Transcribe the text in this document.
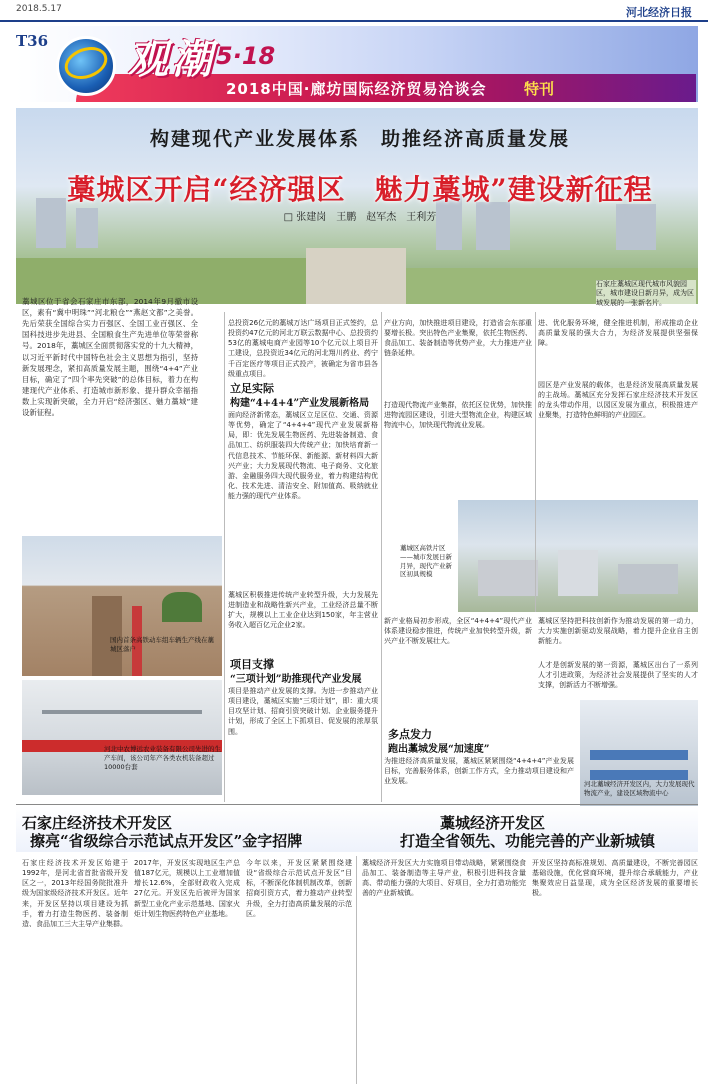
2018.5.17	河北经济日报
观潮 5·18
2018中国·廊坊国际经济贸易洽谈会	特刊
T36
构建现代产业发展体系　助推经济高质量发展
藁城区开启“经济强区　魅力藁城”建设新征程
□ 张建岗　王鹏　赵军杰　王利芳
石家庄藁城区现代城市风貌园区，城市建设日新月异，成为区域发展的一张新名片。
藁城区位于省会石家庄市东部，2014年9月撤市设区，素有“冀中明珠”“河北粮仓”“燕赵文都”之美誉。先后荣获全国综合实力百强区、全国工业百强区、全国科技进步先进县、全国粮食生产先进单位等荣誉称号。2018年，藁城区全面贯彻落实党的十九大精神，以习近平新时代中国特色社会主义思想为指引，坚持新发展理念，紧扣高质量发展主题，围绕“4+4”产业目标，确定了“四个率先突破”的总体目标，着力在构建现代产业体系、打造城市新形象、提升群众幸福指数上实现新突破，全力开启“经济强区、魅力藁城”建设新征程。
国内首条高铁动车组车辆生产线在藁城区落户
河北中农博远农业装备有限公司先进的生产车间，该公司年产各类农机装备超过10000台套
总投资26亿元的藁城万达广场项目正式签约，总投资约47亿元的河北万联云数据中心、总投资约53亿的藁城电商产业园等10个亿元以上项目开工建设，总投资近34亿元的河北翔川药业、药宁千百定医疗等项目正式投产，被确定为省市县各级重点项目。
立足实际
构建“4+4+4”产业发展新格局
面向经济新常态，藁城区立足区位、交通、资源等优势，确定了“4+4+4”现代产业发展新格局，即：优先发展生物医药、先进装备制造、食品加工、纺织服装四大传统产业；加快培育新一代信息技术、节能环保、新能源、新材料四大新兴产业；大力发展现代物流、电子商务、文化旅游、金融服务四大现代服务业，着力构建结构优化、技术先进、清洁安全、附加值高、吸纳就业能力强的现代产业体系。
藁城区积极推进传统产业转型升级，大力发展先进制造业和战略性新兴产业，工业经济总量不断扩大，规模以上工业企业达到150家，年主营业务收入超百亿元企业2家。
项目支撑
“三项计划”助推现代产业发展
项目是推动产业发展的支撑。为进一步推动产业项目建设，藁城区实施“三项计划”，即：重大项目攻坚计划、招商引资突破计划、企业服务提升计划，形成了全区上下抓项目、促发展的浓厚氛围。
产业方向，加快推进项目建设，打造省会东部重要增长极。突出特色产业集聚，依托生物医药、食品加工、装备制造等优势产业，大力推进产业链条延伸。
打造现代物流产业集群，依托区位优势，加快推进物流园区建设，引进大型物流企业，构建区域物流中心，加快现代物流业发展。
藁城区高铁片区——城市发展日新月异，现代产业新区初具规模
新产业格局初步形成，全区“4+4+4”现代产业体系建设稳步推进，传统产业加快转型升级，新兴产业不断发展壮大。
多点发力
跑出藁城发展“加速度”
为推进经济高质量发展，藁城区紧紧围绕“4+4+4”产业发展目标，完善服务体系，创新工作方式，全力推动项目建设和产业发展。
进、优化服务环境，健全推进机制，形成推动企业高质量发展的强大合力，为经济发展提供坚强保障。
园区是产业发展的载体，也是经济发展高质量发展的主战场。藁城区充分发挥石家庄经济技术开发区的龙头带动作用，以园区发展为重点，积极推进产业聚集，打造特色鲜明的产业园区。
藁城区坚持把科技创新作为推动发展的第一动力，大力实施创新驱动发展战略，着力提升企业自主创新能力。
人才是创新发展的第一资源，藁城区出台了一系列人才引进政策，为经济社会发展提供了坚实的人才支撑，创新活力不断增强。
河北藁城经济开发区内，大力发展现代物流产业，建设区域物流中心
石家庄经济技术开发区
擦亮“省级综合示范试点开发区”金字招牌
藁城经济开发区
打造全省领先、功能完善的产业新城镇
石家庄经济技术开发区始建于1992年，是河北省首批省级开发区之一，2013年经国务院批准升级为国家级经济技术开发区。近年来，开发区坚持以项目建设为抓手，着力打造生物医药、装备制造、食品加工三大主导产业集群。
2017年，开发区实现地区生产总值187亿元，规模以上工业增加值增长12.6%，全部财政收入完成27亿元。开发区先后被评为国家新型工业化产业示范基地、国家火炬计划生物医药特色产业基地。
今年以来，开发区紧紧围绕建设“省级综合示范试点开发区”目标，不断深化体制机制改革，创新招商引资方式，着力推动产业转型升级，全力打造高质量发展的示范区。
藁城经济开发区大力实施项目带动战略，紧紧围绕食品加工、装备制造等主导产业，积极引进科技含量高、带动能力强的大项目、好项目，全力打造功能完善的产业新城镇。
开发区坚持高标准规划、高质量建设，不断完善园区基础设施，优化营商环境，提升综合承载能力，产业集聚效应日益显现，成为全区经济发展的重要增长极。
